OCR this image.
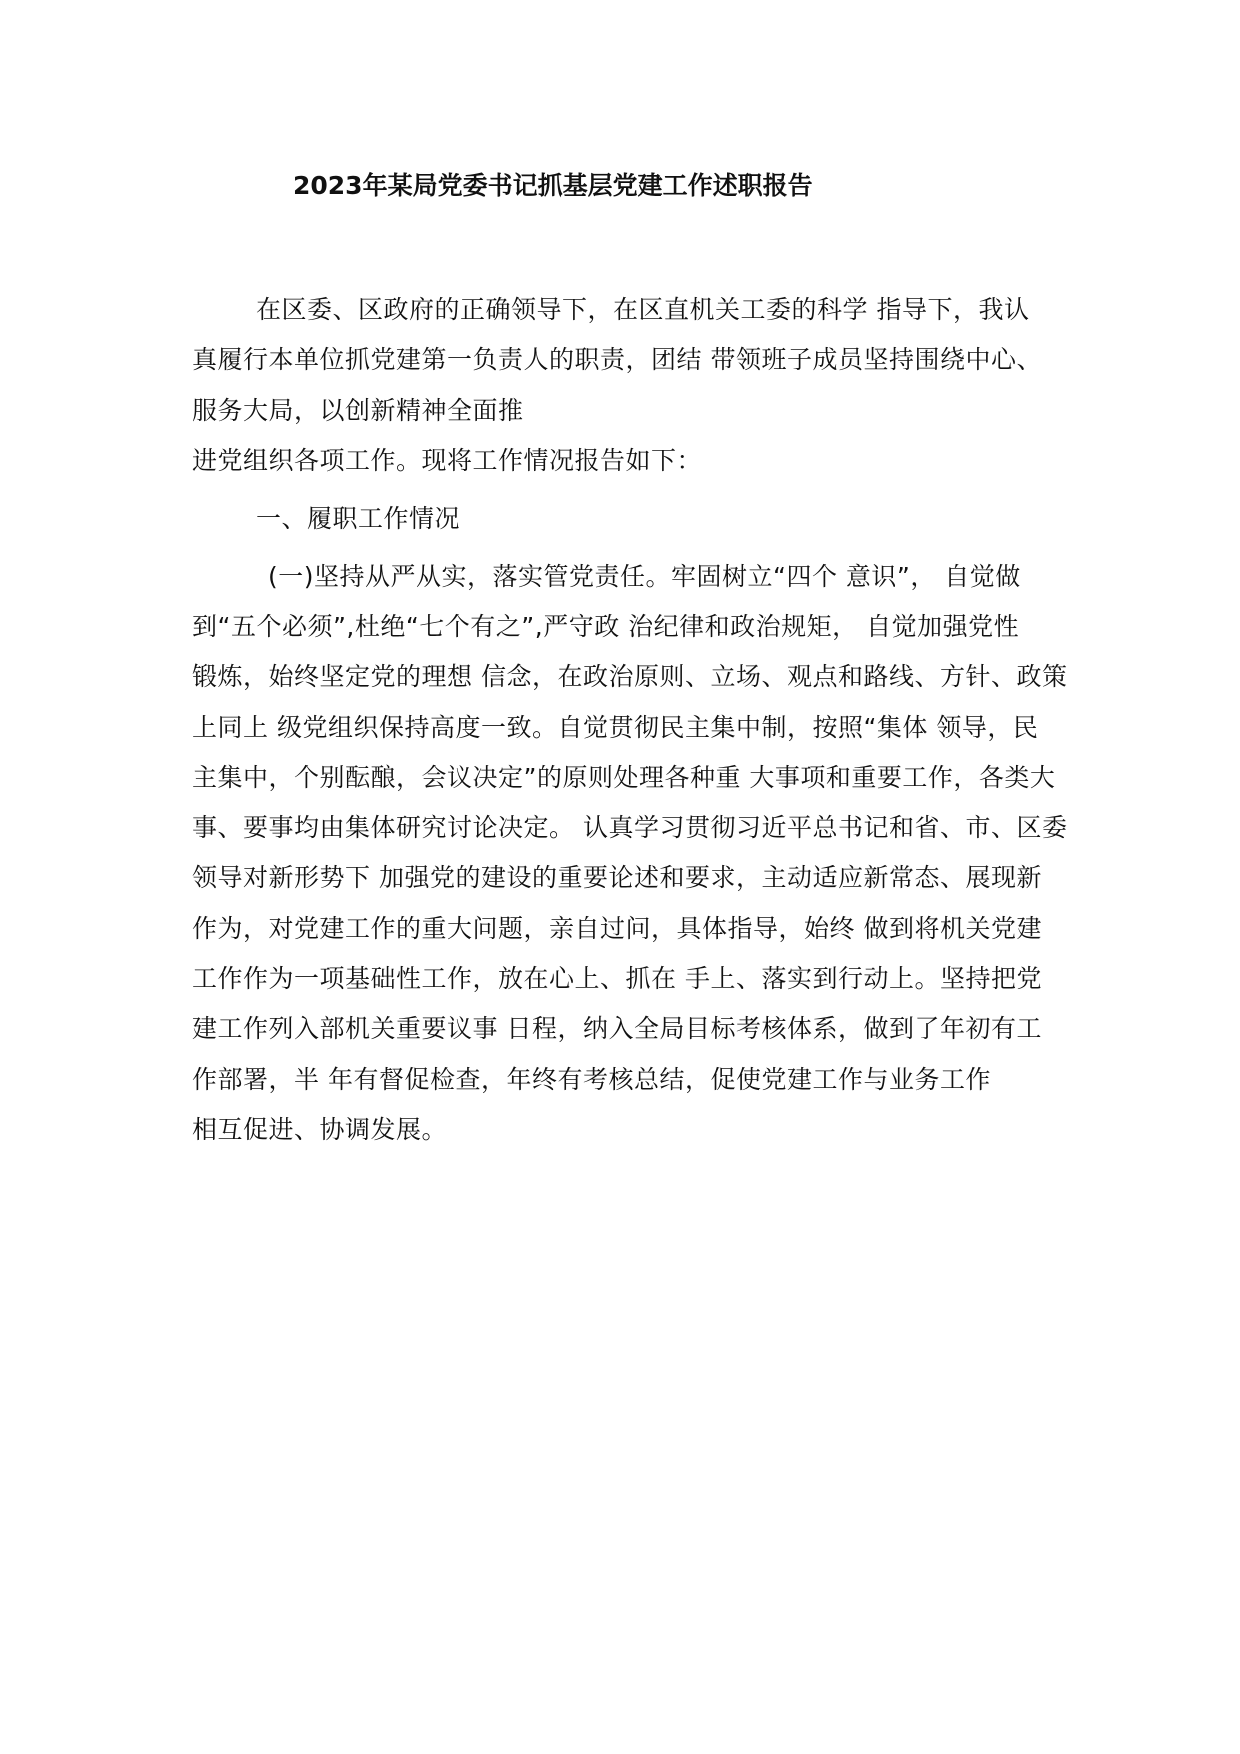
2023年某局党委书记抓基层党建工作述职报告
在区委、区政府的正确领导下，在区直机关工委的科学 指导下，我认
真履行本单位抓党建第一负责人的职责，团结 带领班子成员坚持围绕中心、
服务大局，以创新精神全面推
进党组织各项工作。现将工作情况报告如下：
一、履职工作情况
(一)坚持从严从实，落实管党责任。牢固树立“四个 意识”， 自觉做
到“五个必须”,杜绝“七个有之”,严守政 治纪律和政治规矩， 自觉加强党性
锻炼，始终坚定党的理想 信念，在政治原则、立场、观点和路线、方针、政策
上同上 级党组织保持高度一致。自觉贯彻民主集中制，按照“集体 领导，民
主集中，个别酝酿，会议决定”的原则处理各种重 大事项和重要工作，各类大
事、要事均由集体研究讨论决定。 认真学习贯彻习近平总书记和省、市、区委
领导对新形势下 加强党的建设的重要论述和要求，主动适应新常态、展现新
作为，对党建工作的重大问题，亲自过问，具体指导，始终 做到将机关党建
工作作为一项基础性工作，放在心上、抓在 手上、落实到行动上。坚持把党
建工作列入部机关重要议事 日程，纳入全局目标考核体系，做到了年初有工
作部署，半 年有督促检查，年终有考核总结，促使党建工作与业务工作
相互促进、协调发展。
